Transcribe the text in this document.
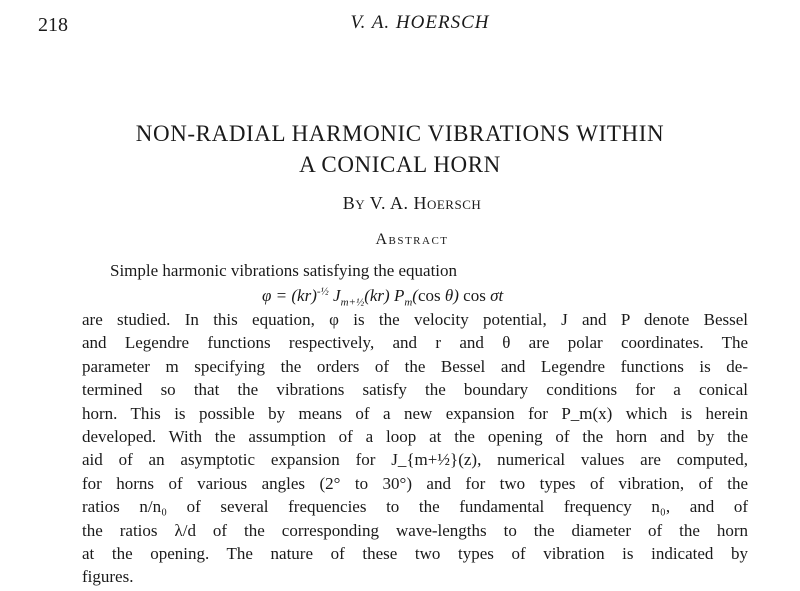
218	V. A. HOERSCH
NON-RADIAL HARMONIC VIBRATIONS WITHIN
A CONICAL HORN
By V. A. Hoersch
Abstract
Simple harmonic vibrations satisfying the equation
φ = (kr)$^{-\frac{1}{2}}$ $J_{m+\frac{1}{2}}(kr)$ $P_m(\cos$ θ) cos σt
are studied. In this equation, φ is the velocity potential, J and P denote Bessel
and Legendre functions respectively, and r and θ are polar coordinates. The
parameter m specifying the orders of the Bessel and Legendre functions is de-
termined so that the vibrations satisfy the boundary conditions for a conical
horn. This is possible by means of a new expansion for P_m(x) which is herein
developed. With the assumption of a loop at the opening of the horn and by the
aid of an asymptotic expansion for J_{m+½}(z), numerical values are computed,
for horns of various angles (2° to 30°) and for two types of vibration, of the
ratios n/n₀ of several frequencies to the fundamental frequency n₀, and of
the ratios λ/d of the corresponding wave-lengths to the diameter of the horn
at the opening. The nature of these two types of vibration is indicated by
figures.
